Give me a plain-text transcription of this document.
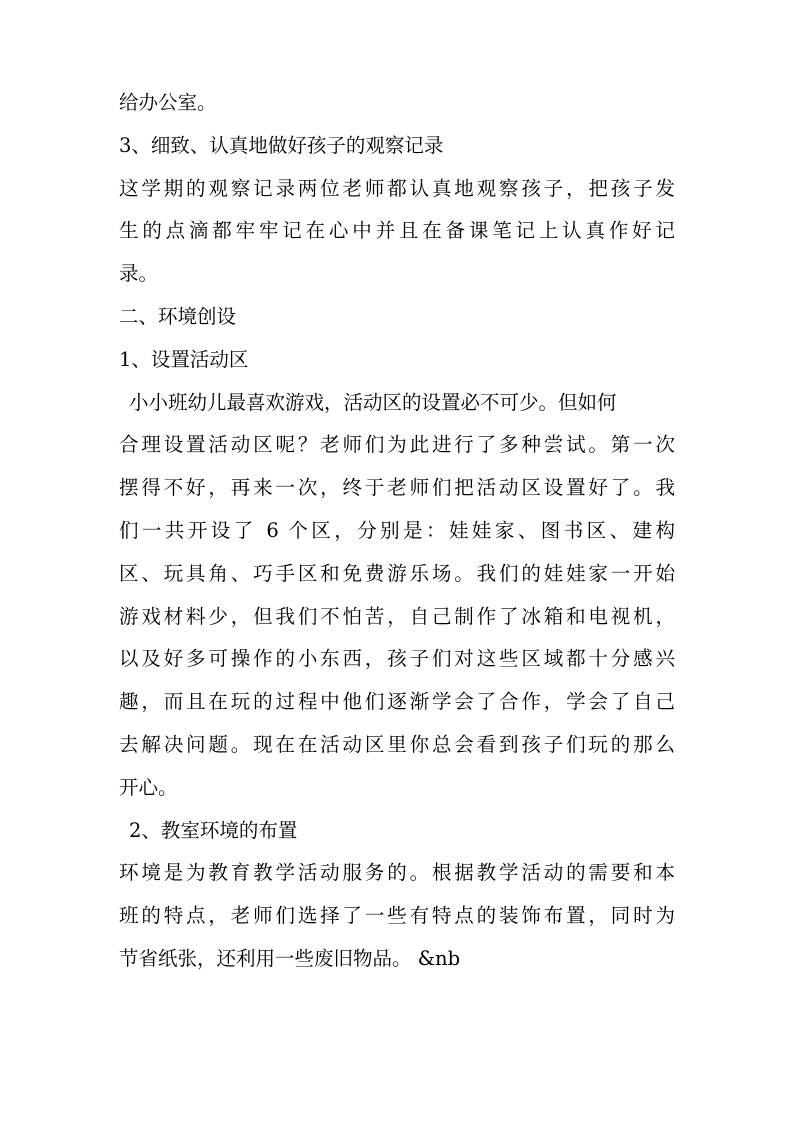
给办公室。
3、细致、认真地做好孩子的观察记录
这学期的观察记录两位老师都认真地观察孩子，把孩子发
生的点滴都牢牢记在心中并且在备课笔记上认真作好记
录。
二、环境创设
1、设置活动区
小小班幼儿最喜欢游戏，活动区的设置必不可少。但如何
合理设置活动区呢？老师们为此进行了多种尝试。第一次
摆得不好，再来一次，终于老师们把活动区设置好了。我
们一共开设了 6 个区，分别是：娃娃家、图书区、建构
区、玩具角、巧手区和免费游乐场。我们的娃娃家一开始
游戏材料少，但我们不怕苦，自己制作了冰箱和电视机，
以及好多可操作的小东西，孩子们对这些区域都十分感兴
趣，而且在玩的过程中他们逐渐学会了合作，学会了自己
去解决问题。现在在活动区里你总会看到孩子们玩的那么
开心。
2、教室环境的布置
环境是为教育教学活动服务的。根据教学活动的需要和本
班的特点，老师们选择了一些有特点的装饰布置，同时为
节省纸张，还利用一些废旧物品。 &nb
